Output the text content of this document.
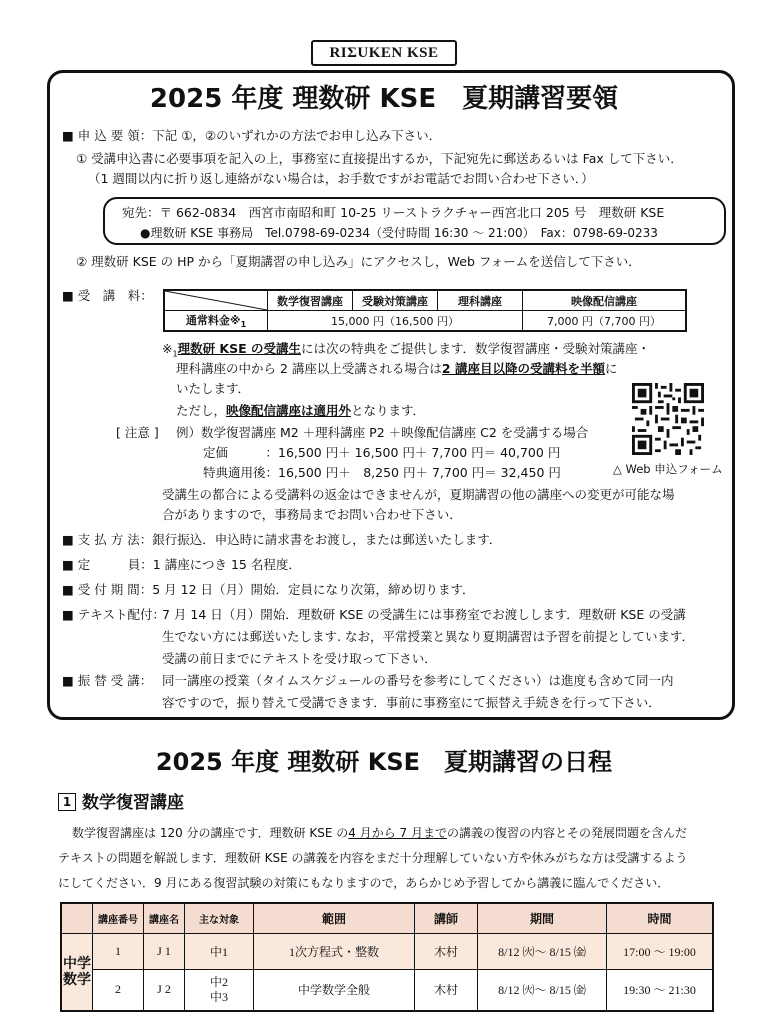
RIΣUKEN KSE
2025 年度 理数研 KSE　夏期講習要領
■ 申 込 要 領：下記 ①，②のいずれかの方法でお申し込み下さい．
① 受講申込書に必要事項を記入の上，事務室に直接提出するか，下記宛先に郵送あるいは Fax して下さい．
（1 週間以内に折り返し連絡がない場合は，お手数ですがお電話でお問い合わせ下さい．）
宛先：〒 662-0834　西宮市南昭和町 10-25 リーストラクチャー西宮北口 205 号　理数研 KSE
●理数研 KSE 事務局　Tel.0798-69-0234（受付時間 16:30 ～ 21:00）　Fax：0798-69-0233
② 理数研 KSE の HP から「夏期講習の申し込み」にアクセスし，Web フォームを送信して下さい．
■ 受　講　料：
		数学復習講座	受験対策講座	理科講座	映像配信講座
通常料金$※_1$	15,000 円（16,500 円）			7,000 円（7,700 円）
$※_1$理数研 KSE の受講生には次の特典をご提供します．数学復習講座・受験対策講座・
理科講座の中から 2 講座以上受講される場合は2 講座目以降の受講料を半額に
いたします．
ただし，映像配信講座は適用外となります．
[ 注意 ] 例）数学復習講座 M2 ＋理科講座 P2 ＋映像配信講座 C2 を受講する場合
定価　　　：16,500 円＋ 16,500 円＋ 7,700 円＝ 40,700 円
特典適用後：16,500 円＋　8,250 円＋ 7,700 円＝ 32,450 円
受講生の都合による受講料の返金はできませんが，夏期講習の他の講座への変更が可能な場
合がありますので，事務局までお問い合わせ下さい．
△ Web 申込フォーム
■ 支 払 方 法：銀行振込．申込時に請求書をお渡し，または郵送いたします．
■ 定　　　員：1 講座につき 15 名程度．
■ 受 付 期 間：5 月 12 日（月）開始．定員になり次第，締め切ります．
■ テキスト配付：
7 月 14 日（月）開始．理数研 KSE の受講生には事務室でお渡しします．理数研 KSE の受講
生でない方には郵送いたします. なお，平常授業と異なり夏期講習は予習を前提としています．
受講の前日までにテキストを受け取って下さい．
■ 振 替 受 講： 同一講座の授業（タイムスケジュールの番号を参考にしてください）は進度も含めて同一内
容ですので，振り替えて受講できます．事前に事務室にて振替え手続きを行って下さい．
2025 年度 理数研 KSE　夏期講習の日程
1 数学復習講座
数学復習講座は 120 分の講座です．理数研 KSE の4 月から 7 月までの講義の復習の内容とその発展問題を含んだ
テキストの問題を解説します．理数研 KSE の講義を内容をまだ十分理解していない方や休みがちな方は受講するよう
にしてください．9 月にある復習試験の対策にもなりますので，あらかじめ予習してから講義に臨んでください．
	講座番号	講座名	主な対象	範囲	講師	期間	時間
中学数学	1	J 1	中1	1次方程式・整数	木村	8/12 ㈫～ 8/15 ㈮	17:00 ～ 19:00
	2	J 2	中2
中3	中学数学全般	木村	8/12 ㈫～ 8/15 ㈮	19:30 ～ 21:30
